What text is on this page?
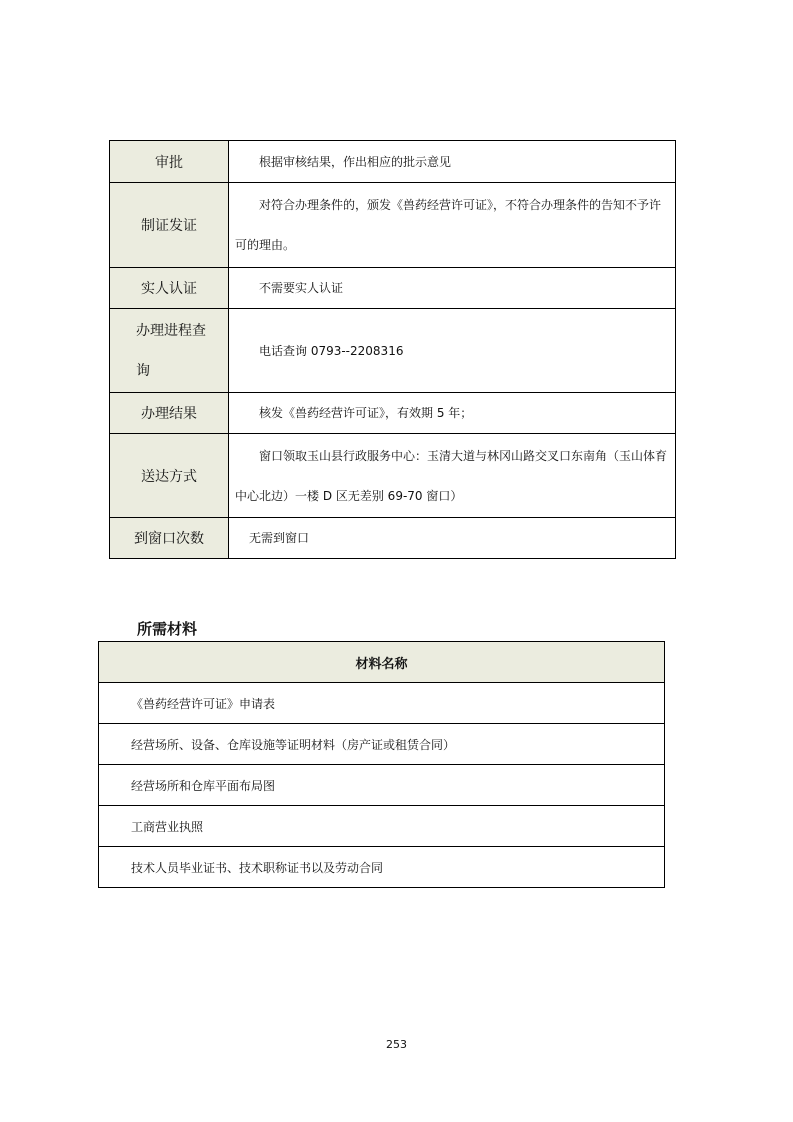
审批	根据审核结果，作出相应的批示意见

制证发证	对符合办理条件的，颁发《兽药经营许可证》，不符合办理条件的告知不予许可的理由。

实人认证	不需要实人认证

办理进程查询	电话查询 0793--2208316

办理结果	核发《兽药经营许可证》，有效期 5 年；

送达方式	窗口领取玉山县行政服务中心：玉清大道与林冈山路交叉口东南角（玉山体育中心北边）一楼 D 区无差别 69-70 窗口）

到窗口次数	无需到窗口
所需材料
材料名称
《兽药经营许可证》申请表
经营场所、设备、仓库设施等证明材料（房产证或租赁合同）
经营场所和仓库平面布局图
工商营业执照
技术人员毕业证书、技术职称证书以及劳动合同
253
